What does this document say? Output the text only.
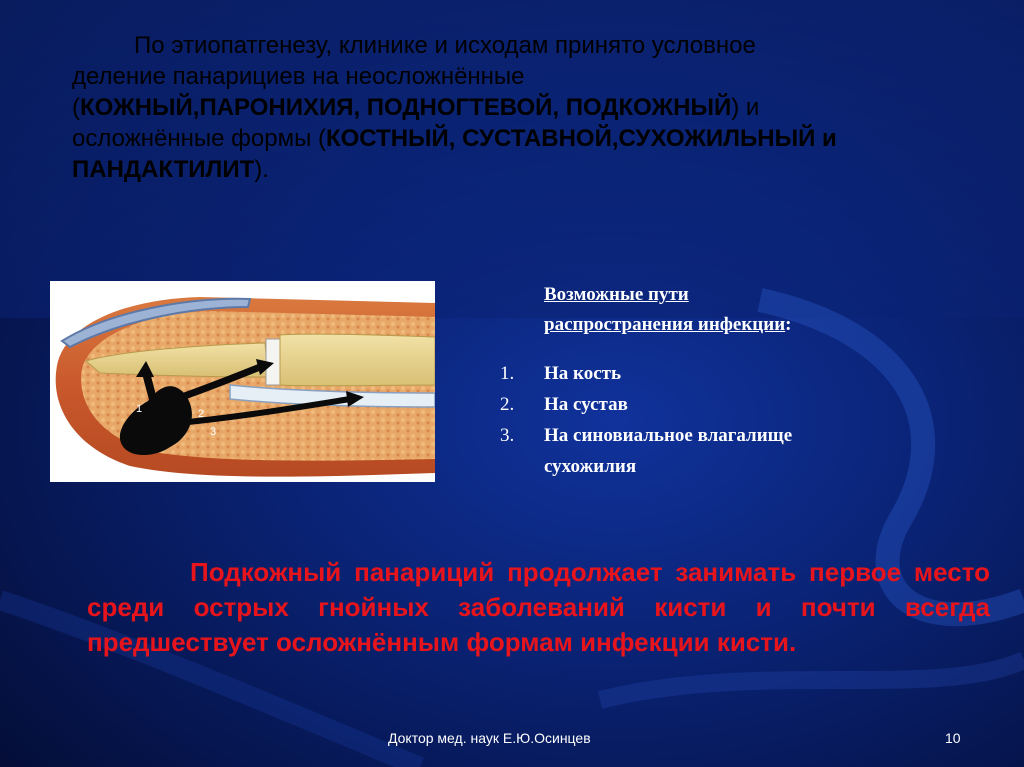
По этиопатгенезу, клинике и исходам принято условное
деление панарициев на неосложнённые
(КОЖНЫЙ,ПАРОНИХИЯ, ПОДНОГТЕВОЙ, ПОДКОЖНЫЙ) и
осложнённые формы (КОСТНЫЙ, СУСТАВНОЙ,СУХОЖИЛЬНЫЙ и
ПАНДАКТИЛИТ).
1	2
3
Возможные пути
распространения инфекции:
1.	На кость
2.	На сустав
3.	На синовиальное влагалище
сухожилия
Подкожный панариций продолжает занимать первое место среди острых гнойных заболеваний кисти и почти всегда предшествует осложнённым формам инфекции кисти.
Доктор мед. наук Е.Ю.Осинцев	10
